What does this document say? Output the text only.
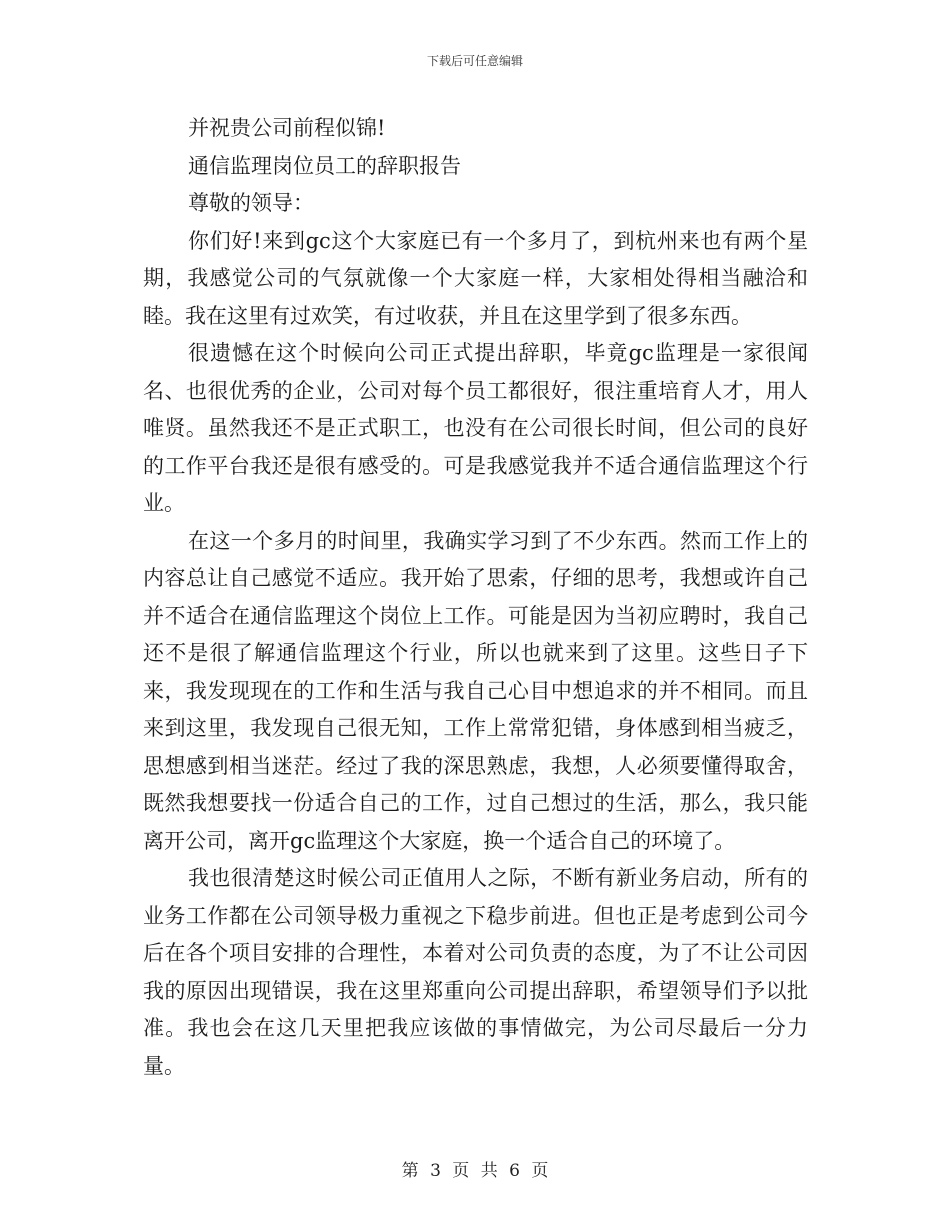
下载后可任意编辑

并祝贵公司前程似锦!

通信监理岗位员工的辞职报告

尊敬的领导：

你们好!来到gc这个大家庭已有一个多月了，到杭州来也有两个星期，我感觉公司的气氛就像一个大家庭一样，大家相处得相当融洽和睦。我在这里有过欢笑，有过收获，并且在这里学到了很多东西。

很遗憾在这个时候向公司正式提出辞职，毕竟gc监理是一家很闻名、也很优秀的企业，公司对每个员工都很好，很注重培育人才，用人唯贤。虽然我还不是正式职工，也没有在公司很长时间，但公司的良好的工作平台我还是很有感受的。可是我感觉我并不适合通信监理这个行业。

在这一个多月的时间里，我确实学习到了不少东西。然而工作上的内容总让自己感觉不适应。我开始了思索，仔细的思考，我想或许自己并不适合在通信监理这个岗位上工作。可能是因为当初应聘时，我自己还不是很了解通信监理这个行业，所以也就来到了这里。这些日子下来，我发现现在的工作和生活与我自己心目中想追求的并不相同。而且来到这里，我发现自己很无知，工作上常常犯错，身体感到相当疲乏，思想感到相当迷茫。经过了我的深思熟虑，我想，人必须要懂得取舍，既然我想要找一份适合自己的工作，过自己想过的生活，那么，我只能离开公司，离开gc监理这个大家庭，换一个适合自己的环境了。

我也很清楚这时候公司正值用人之际，不断有新业务启动，所有的业务工作都在公司领导极力重视之下稳步前进。但也正是考虑到公司今后在各个项目安排的合理性，本着对公司负责的态度，为了不让公司因我的原因出现错误，我在这里郑重向公司提出辞职，希望领导们予以批准。我也会在这几天里把我应该做的事情做完，为公司尽最后一分力量。

第 3 页 共 6 页
